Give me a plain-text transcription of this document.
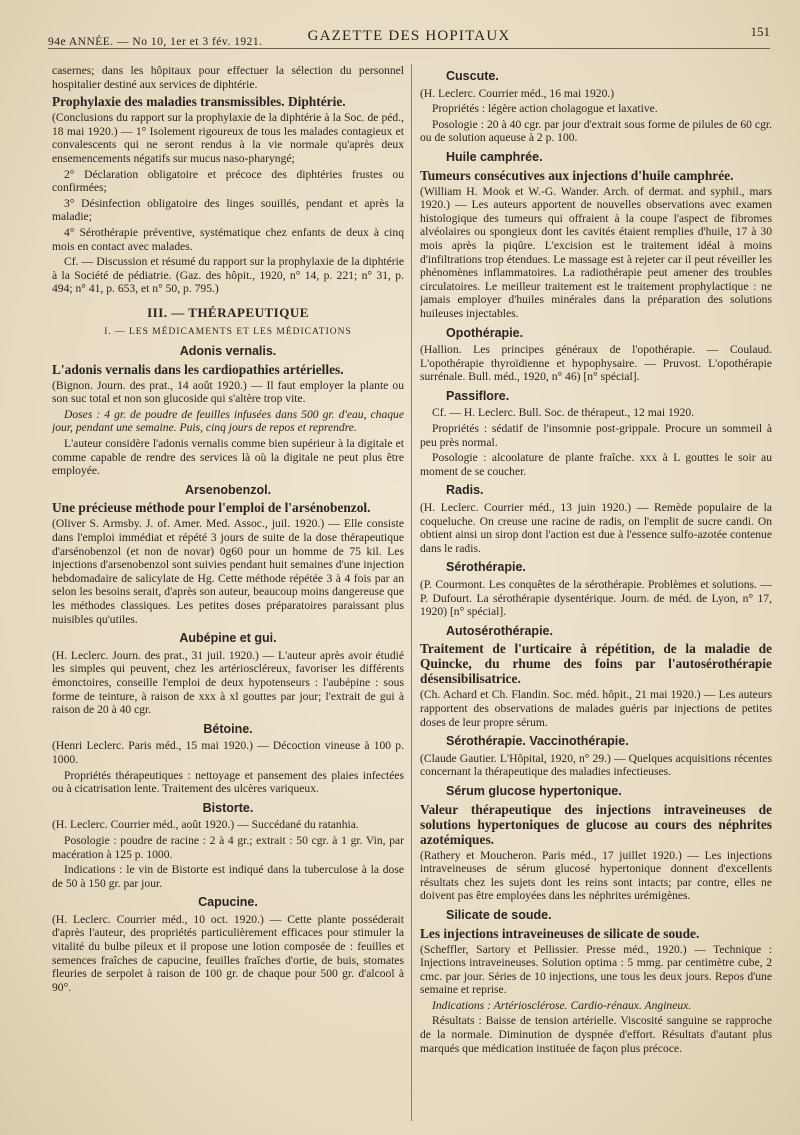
94e ANNÉE. — No 10, 1er et 3 fév. 1921.	GAZETTE DES HOPITAUX	151

casernes; dans les hôpitaux pour effectuer la sélection du personnel hospitalier destiné aux services de diphtérie.

Prophylaxie des maladies transmissibles. Diphtérie.

(Conclusions du rapport sur la prophylaxie de la diphtérie à la Soc. de péd., 18 mai 1920.) — 1° Isolement rigoureux de tous les malades contagieux et convalescents qui ne seront rendus à la vie normale qu'après deux ensemencements négatifs sur mucus naso-pharyngé;

2° Déclaration obligatoire et précoce des diphtéries frustes ou confirmées;

3° Désinfection obligatoire des linges souillés, pendant et après la maladie;

4° Sérothérapie préventive, systématique chez enfants de deux à cinq mois en contact avec malades.

Cf. — Discussion et résumé du rapport sur la prophylaxie de la diphtérie à la Société de pédiatrie. (Gaz. des hôpit., 1920, n° 14, p. 221; n° 31, p. 494; n° 41, p. 653, et n° 50, p. 795.)

III. — THÉRAPEUTIQUE

I. — LES MÉDICAMENTS ET LES MÉDICATIONS

Adonis vernalis.

L'adonis vernalis dans les cardiopathies artérielles.

(Bignon. Journ. des prat., 14 août 1920.) — Il faut employer la plante ou son suc total et non son glucoside qui s'altère trop vite.

Doses : 4 gr. de poudre de feuilles infusées dans 500 gr. d'eau, chaque jour, pendant une semaine. Puis, cinq jours de repos et reprendre.

L'auteur considère l'adonis vernalis comme bien supérieur à la digitale et comme capable de rendre des services là où la digitale ne peut plus être employée.

Arsenobenzol.

Une précieuse méthode pour l'emploi de l'arsénobenzol.

(Oliver S. Armsby. J. of. Amer. Med. Assoc., juil. 1920.) — Elle consiste dans l'emploi immédiat et répété 3 jours de suite de la dose thérapeutique d'arsénobenzol (et non de novar) 0g60 pour un homme de 75 kil. Les injections d'arsenobenzol sont suivies pendant huit semaines d'une injection hebdomadaire de salicylate de Hg. Cette méthode répétée 3 à 4 fois par an selon les besoins serait, d'après son auteur, beaucoup moins dangereuse que les méthodes classiques. Les petites doses préparatoires paraissant plus nuisibles qu'utiles.

Aubépine et gui.

(H. Leclerc. Journ. des prat., 31 juil. 1920.) — L'auteur après avoir étudié les simples qui peuvent, chez les artérioscléreux, favoriser les différents émonctoires, conseille l'emploi de deux hypotenseurs : l'aubépine : sous forme de teinture, à raison de xxx à xl gouttes par jour; l'extrait de gui à raison de 20 à 40 cgr.

Bétoine.

(Henri Leclerc. Paris méd., 15 mai 1920.) — Décoction vineuse à 100 p. 1000.

Propriétés thérapeutiques : nettoyage et pansement des plaies infectées ou à cicatrisation lente. Traitement des ulcères variqueux.

Bistorte.

(H. Leclerc. Courrier méd., août 1920.) — Succédané du ratanhia.

Posologie : poudre de racine : 2 à 4 gr.; extrait : 50 cgr. à 1 gr. Vin, par macération à 125 p. 1000.

Indications : le vin de Bistorte est indiqué dans la tuberculose à la dose de 50 à 150 gr. par jour.

Capucine.

(H. Leclerc. Courrier méd., 10 oct. 1920.) — Cette plante posséderait d'après l'auteur, des propriétés particulièrement efficaces pour stimuler la vitalité du bulbe pileux et il propose une lotion composée de : feuilles et semences fraîches de capucine, feuilles fraîches d'ortie, de buis, stomates fleuries de serpolet à raison de 100 gr. de chaque pour 500 gr. d'alcool à 90°.

Cuscute.

(H. Leclerc. Courrier méd., 16 mai 1920.)

Propriétés : légère action cholagogue et laxative.

Posologie : 20 à 40 cgr. par jour d'extrait sous forme de pilules de 60 cgr. ou de solution aqueuse à 2 p. 100.

Huile camphrée.

Tumeurs consécutives aux injections d'huile camphrée.

(William H. Mook et W.-G. Wander. Arch. of dermat. and syphil., mars 1920.) — Les auteurs apportent de nouvelles observations avec examen histologique des tumeurs qui offraient à la coupe l'aspect de fibromes alvéolaires ou spongieux dont les cavités étaient remplies d'huile, 17 à 30 mois après la piqûre. L'excision est le traitement idéal à moins d'infiltrations trop étendues. Le massage est à rejeter car il peut réveiller les phénomènes inflammatoires. La radiothérapie peut amener des troubles circulatoires. Le meilleur traitement est le traitement prophylactique : ne jamais employer d'huiles minérales dans la préparation des solutions huileuses injectables.

Opothérapie.

(Hallion. Les principes généraux de l'opothérapie. — Coulaud. L'opothérapie thyroïdienne et hypophysaire. — Pruvost. L'opothérapie surrénale. Bull. méd., 1920, n° 46) [n° spécial].

Passiflore.

Cf. — H. Leclerc. Bull. Soc. de thérapeut., 12 mai 1920.

Propriétés : sédatif de l'insomnie post-grippale. Procure un sommeil à peu près normal.

Posologie : alcoolature de plante fraîche. xxx à L gouttes le soir au moment de se coucher.

Radis.

(H. Leclerc. Courrier méd., 13 juin 1920.) — Remède populaire de la coqueluche. On creuse une racine de radis, on l'emplit de sucre candi. On obtient ainsi un sirop dont l'action est due à l'essence sulfo-azotée contenue dans le radis.

Sérothérapie.

(P. Courmont. Les conquêtes de la sérothérapie. Problèmes et solutions. — P. Dufourt. La sérothérapie dysentérique. Journ. de méd. de Lyon, n° 17, 1920) [n° spécial].

Autosérothérapie.

Traitement de l'urticaire à répétition, de la maladie de Quincke, du rhume des foins par l'autosérothérapie désensibilisatrice.

(Ch. Achard et Ch. Flandin. Soc. méd. hôpit., 21 mai 1920.) — Les auteurs rapportent des observations de malades guéris par injections de petites doses de leur propre sérum.

Sérothérapie. Vaccinothérapie.

(Claude Gautier. L'Hôpital, 1920, n° 29.) — Quelques acquisitions récentes concernant la thérapeutique des maladies infectieuses.

Sérum glucose hypertonique.

Valeur thérapeutique des injections intraveineuses de solutions hypertoniques de glucose au cours des néphrites azotémiques.

(Rathery et Moucheron. Paris méd., 17 juillet 1920.) — Les injections intraveineuses de sérum glucosé hypertonique donnent d'excellents résultats chez les sujets dont les reins sont intacts; par contre, elles ne doivent pas être employées dans les néphrites urémigènes.

Silicate de soude.

Les injections intraveineuses de silicate de soude.

(Scheffler, Sartory et Pellissier. Presse méd., 1920.) — Technique : Injections intraveineuses. Solution optima : 5 mmg. par centimètre cube, 2 cmc. par jour. Séries de 10 injections, une tous les deux jours. Repos d'une semaine et reprise.

Indications : Artériosclérose. Cardio-rénaux. Angineux.

Résultats : Baisse de tension artérielle. Viscosité sanguine se rapproche de la normale. Diminution de dyspnée d'effort. Résultats d'autant plus marqués que médication instituée de façon plus précoce.
